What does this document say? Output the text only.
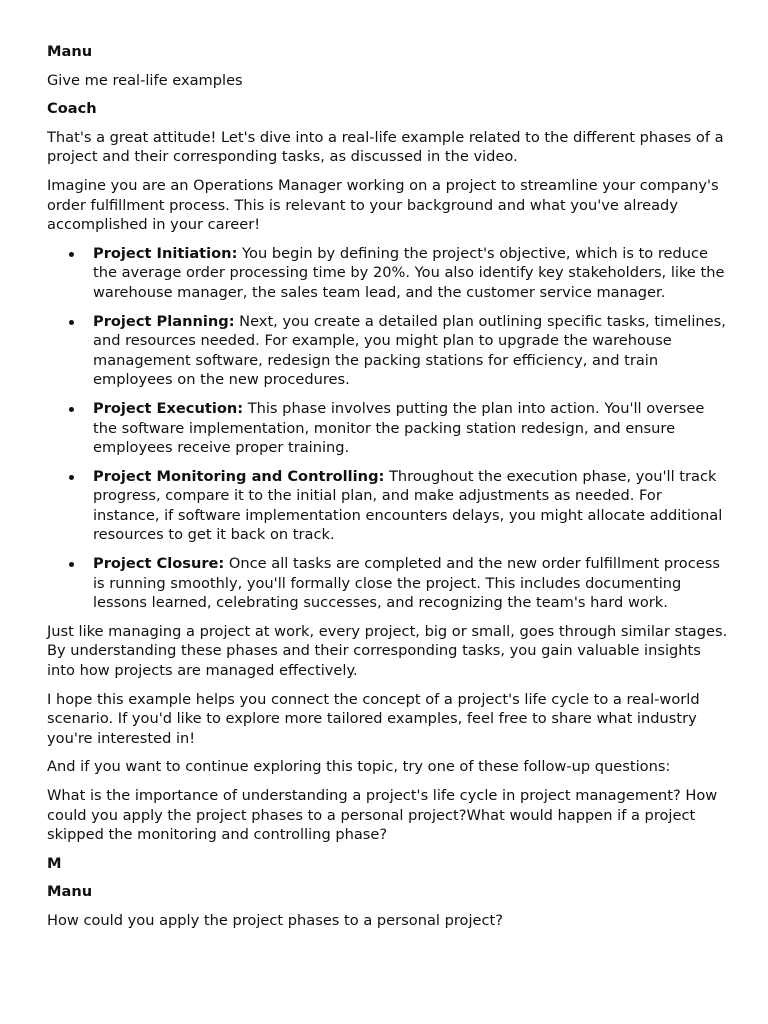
Manu

Give me real-life examples

Coach

That's a great attitude! Let's dive into a real-life example related to the different phases of a project and their corresponding tasks, as discussed in the video.

Imagine you are an Operations Manager working on a project to streamline your company's order fulfillment process. This is relevant to your background and what you've already accomplished in your career!

Project Initiation: You begin by defining the project's objective, which is to reduce the average order processing time by 20%. You also identify key stakeholders, like the warehouse manager, the sales team lead, and the customer service manager.
Project Planning: Next, you create a detailed plan outlining specific tasks, timelines, and resources needed. For example, you might plan to upgrade the warehouse management software, redesign the packing stations for efficiency, and train employees on the new procedures.
Project Execution: This phase involves putting the plan into action. You'll oversee the software implementation, monitor the packing station redesign, and ensure employees receive proper training.
Project Monitoring and Controlling: Throughout the execution phase, you'll track progress, compare it to the initial plan, and make adjustments as needed. For instance, if software implementation encounters delays, you might allocate additional resources to get it back on track.
Project Closure: Once all tasks are completed and the new order fulfillment process is running smoothly, you'll formally close the project. This includes documenting lessons learned, celebrating successes, and recognizing the team's hard work.

Just like managing a project at work, every project, big or small, goes through similar stages. By understanding these phases and their corresponding tasks, you gain valuable insights into how projects are managed effectively.

I hope this example helps you connect the concept of a project's life cycle to a real-world scenario. If you'd like to explore more tailored examples, feel free to share what industry you're interested in!

And if you want to continue exploring this topic, try one of these follow-up questions:

What is the importance of understanding a project's life cycle in project management? How could you apply the project phases to a personal project?What would happen if a project skipped the monitoring and controlling phase?

M
Manu

How could you apply the project phases to a personal project?
